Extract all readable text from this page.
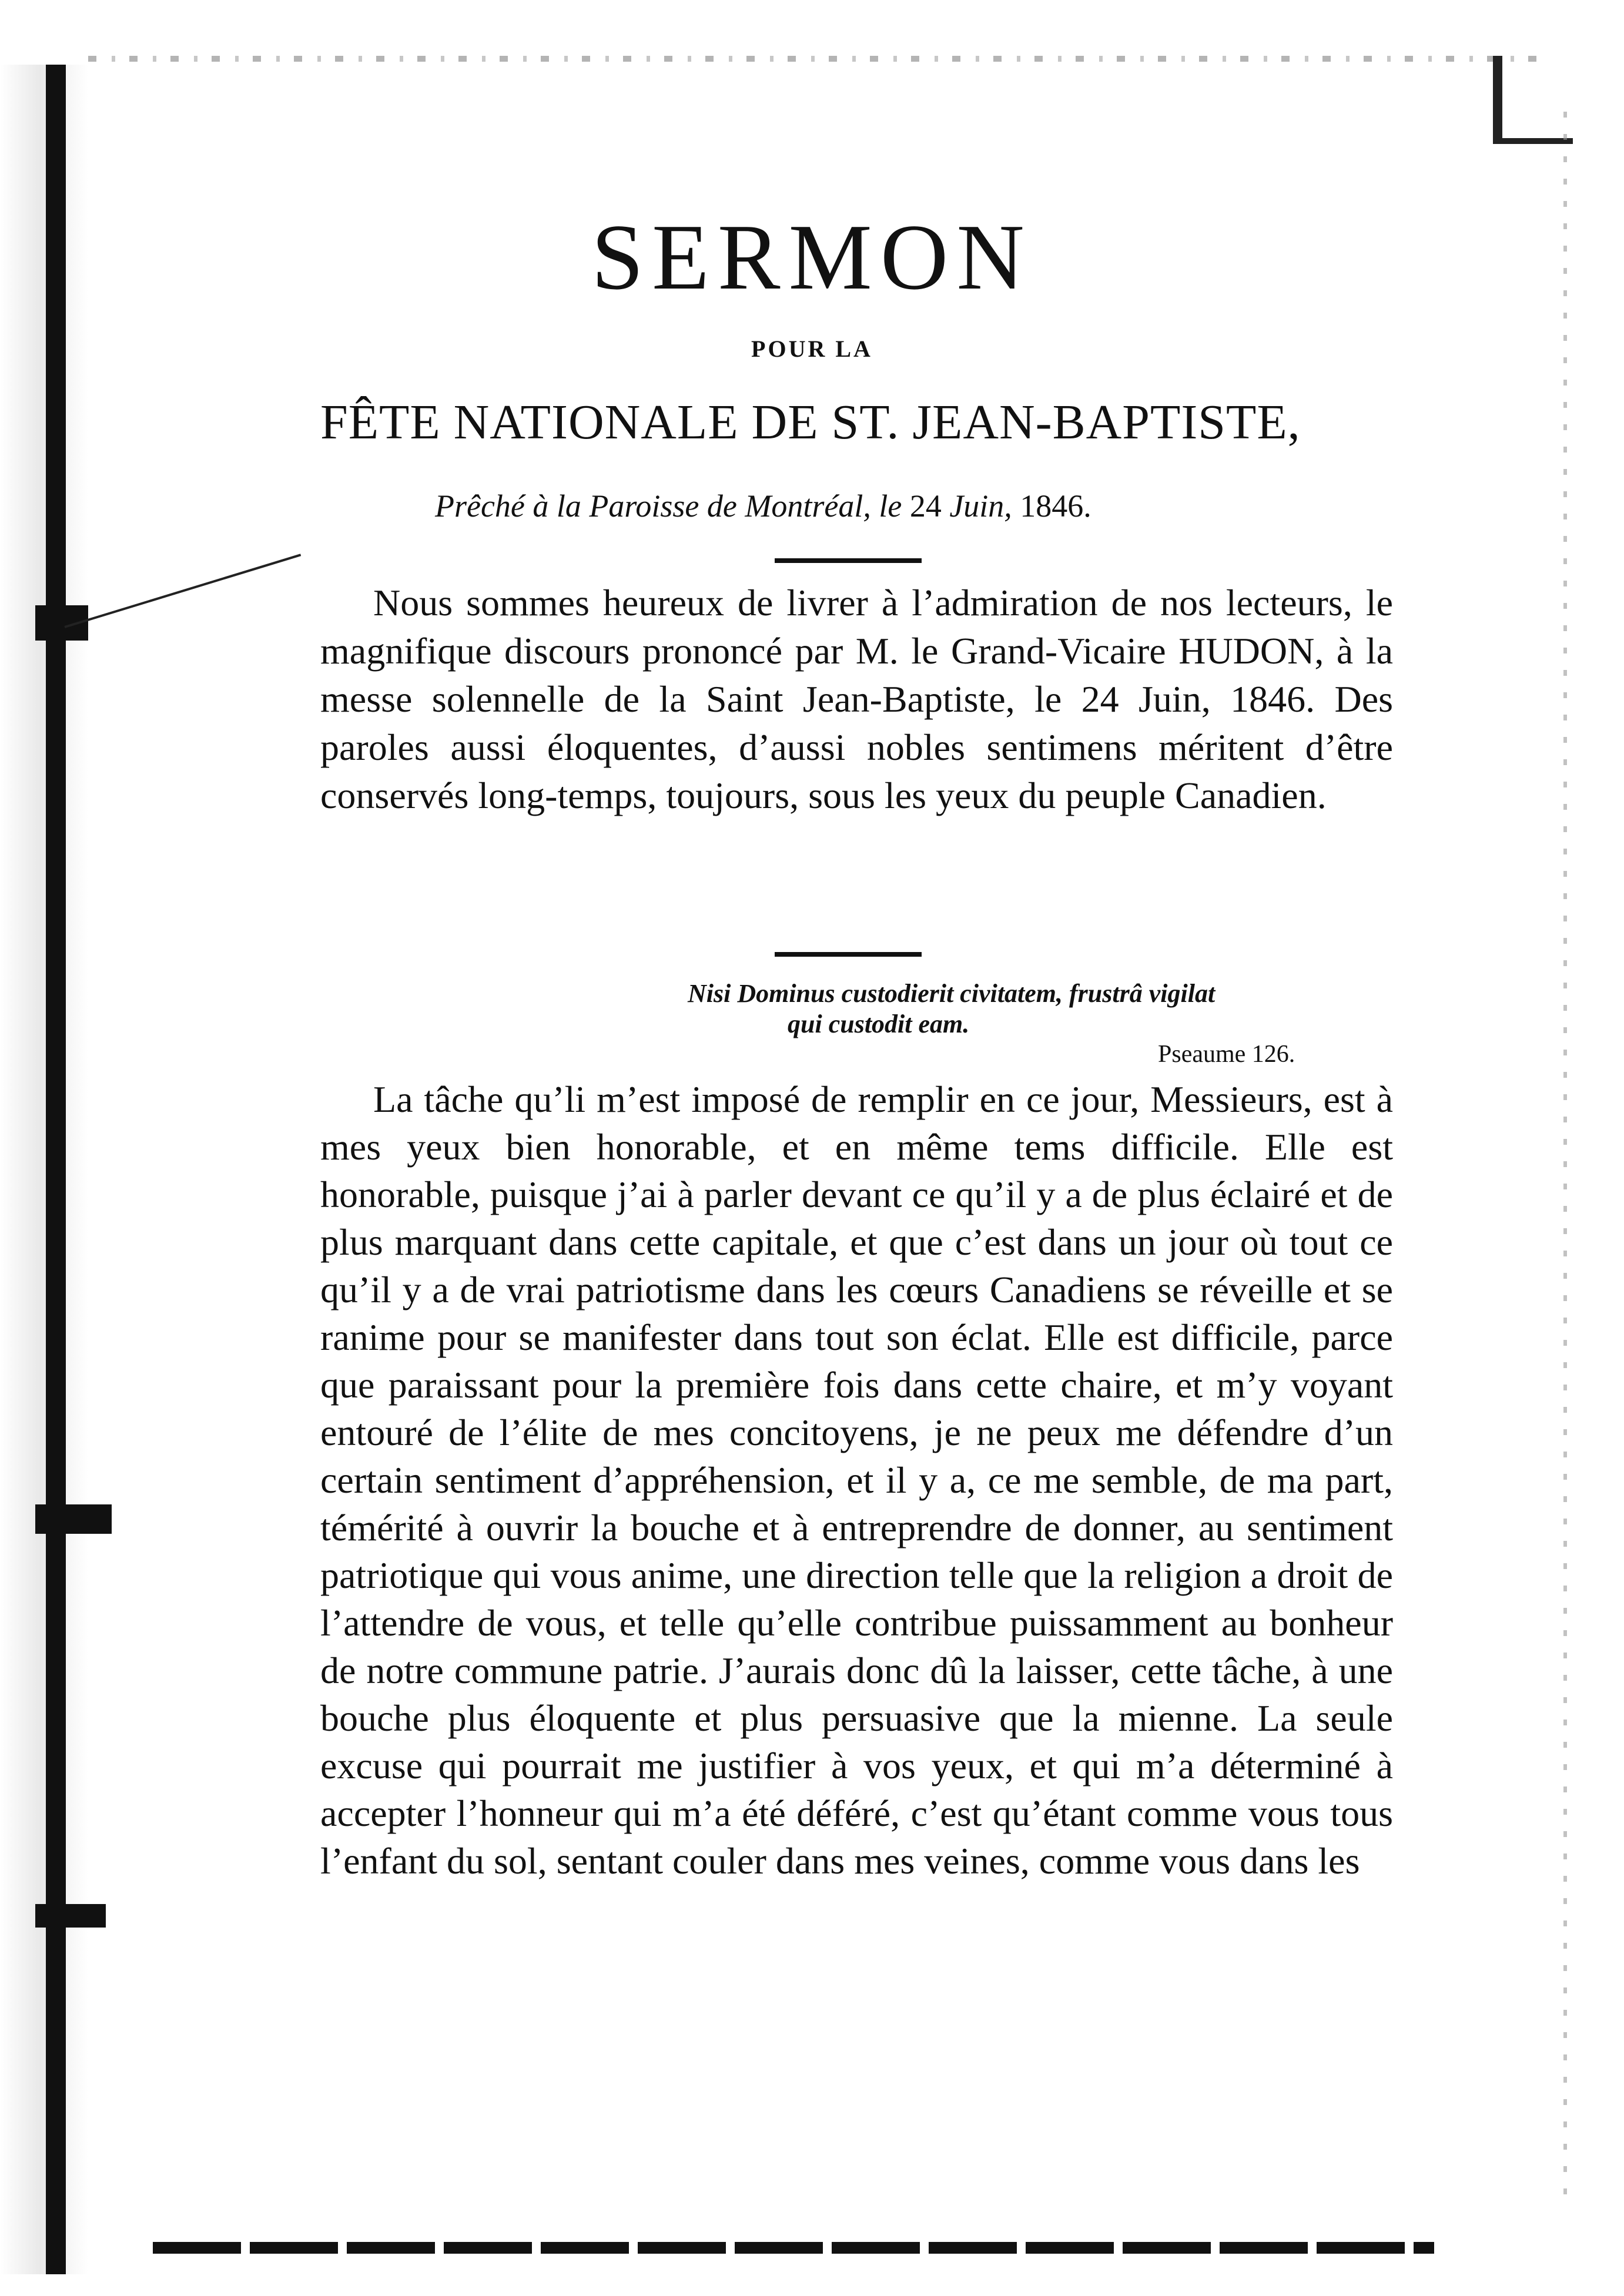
SERMON
POUR LA
FÊTE NATIONALE DE ST. JEAN-BAPTISTE,
Prêché à la Paroisse de Montréal, le 24 Juin, 1846.

Nous sommes heureux de livrer à l’admiration de nos lecteurs, le magnifique discours prononcé par M. le Grand-Vicaire HUDON, à la messe solennelle de la Saint Jean-Baptiste, le 24 Juin, 1846. Des paroles aussi éloquentes, d’aussi nobles sentimens méritent d’être conservés long-temps, toujours, sous les yeux du peuple Canadien.

Nisi Dominus custodierit civitatem, frustrâ vigilat
qui custodit eam.
Pseaume 126.

La tâche qu’li m’est imposé de remplir en ce jour, Messieurs, est à mes yeux bien honorable, et en même tems difficile. Elle est honorable, puisque j’ai à parler devant ce qu’il y a de plus éclairé et de plus marquant dans cette capitale, et que c’est dans un jour où tout ce qu’il y a de vrai patriotisme dans les cœurs Canadiens se réveille et se ranime pour se manifester dans tout son éclat. Elle est difficile, parce que paraissant pour la première fois dans cette chaire, et m’y voyant entouré de l’élite de mes concitoyens, je ne peux me défendre d’un certain sentiment d’appréhension, et il y a, ce me semble, de ma part, témérité à ouvrir la bouche et à entreprendre de donner, au sentiment patriotique qui vous anime, une direction telle que la religion a droit de l’attendre de vous, et telle qu’elle contribue puissamment au bonheur de notre commune patrie. J’aurais donc dû la laisser, cette tâche, à une bouche plus éloquente et plus persuasive que la mienne. La seule excuse qui pourrait me justifier à vos yeux, et qui m’a déterminé à accepter l’honneur qui m’a été déféré, c’est qu’étant comme vous tous l’enfant du sol, sentant couler dans mes veines, comme vous dans les
